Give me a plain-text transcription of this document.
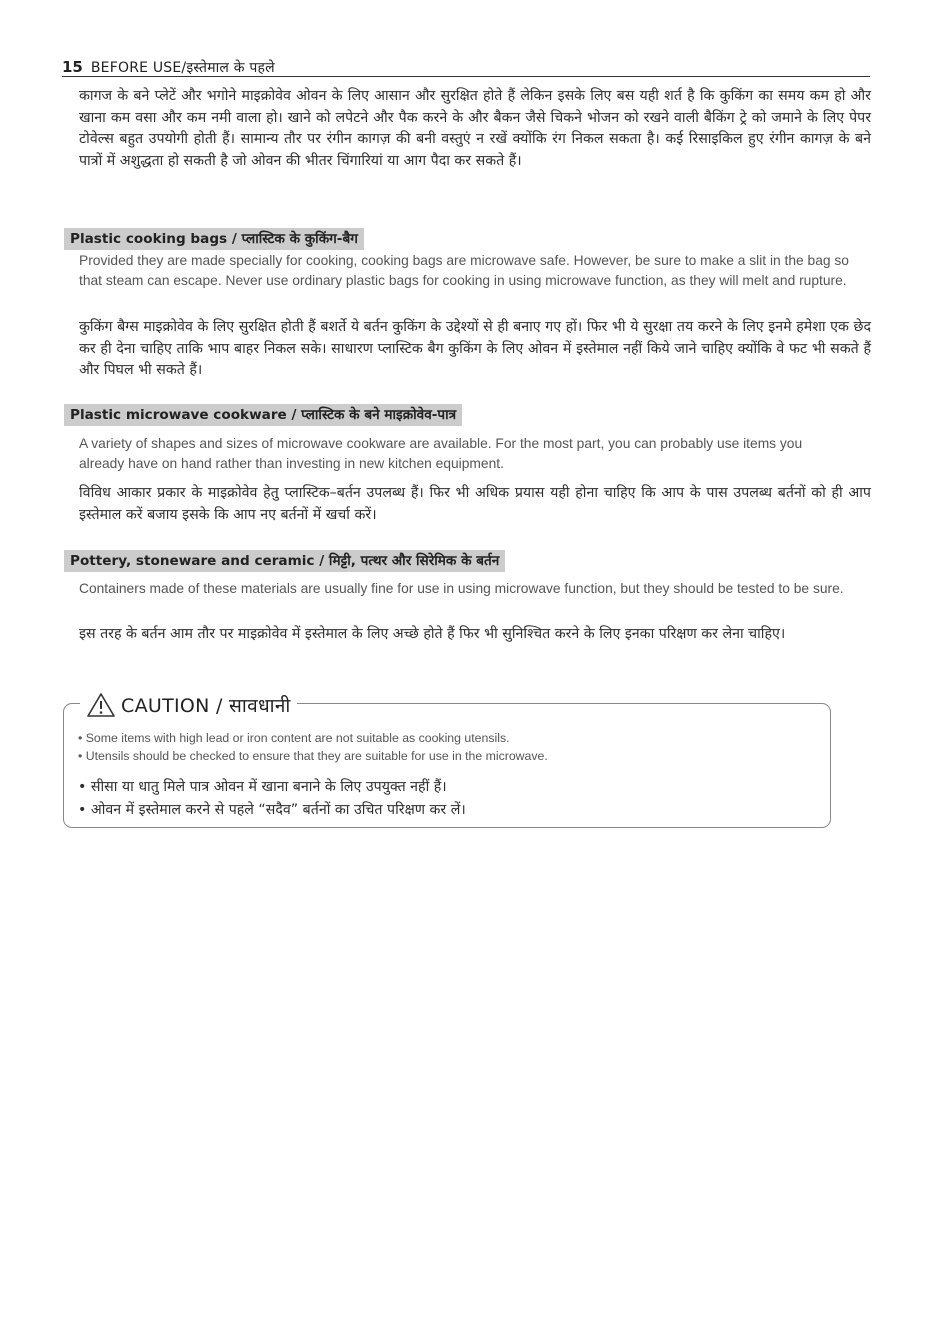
15 BEFORE USE/इस्तेमाल के पहले

कागज के बने प्लेटें और भगोने माइक्रोवेव ओवन के लिए आसान और सुरक्षित होते हैं लेकिन इसके लिए बस यही शर्त है कि कुकिंग का समय कम हो और खाना कम वसा और कम नमी वाला हो। खाने को लपेटने और पैक करने के और बैकन जैसे चिकने भोजन को रखने वाली बैकिंग ट्रे को जमाने के लिए पेपर टोवेल्स बहुत उपयोगी होती हैं। सामान्य तौर पर रंगीन कागज़ की बनी वस्तुएं न रखें क्योंकि रंग निकल सकता है। कई रिसाइकिल हुए रंगीन कागज़ के बने पात्रों में अशुद्धता हो सकती है जो ओवन की भीतर चिंगारियां या आग पैदा कर सकते हैं।

Plastic cooking bags / प्लास्टिक के कुकिंग-बैग

Provided they are made specially for cooking, cooking bags are microwave safe. However, be sure to make a slit in the bag so that steam can escape. Never use ordinary plastic bags for cooking in using microwave function, as they will melt and rupture.

कुकिंग बैग्स माइक्रोवेव के लिए सुरक्षित होती हैं बशर्ते ये बर्तन कुकिंग के उद्देश्यों से ही बनाए गए हों। फिर भी ये सुरक्षा तय करने के लिए इनमे हमेशा एक छेद कर ही देना चाहिए ताकि भाप बाहर निकल सके। साधारण प्लास्टिक बैग कुकिंग के लिए ओवन में इस्तेमाल नहीं किये जाने चाहिए क्योंकि वे फट भी सकते हैं और पिघल भी सकते हैं।

Plastic microwave cookware / प्लास्टिक के बने माइक्रोवेव-पात्र

A variety of shapes and sizes of microwave cookware are available. For the most part, you can probably use items you already have on hand rather than investing in new kitchen equipment.

विविध आकार प्रकार के माइक्रोवेव हेतु प्लास्टिक–बर्तन उपलब्ध हैं। फिर भी अधिक प्रयास यही होना चाहिए कि आप के पास उपलब्ध बर्तनों को ही आप इस्तेमाल करें बजाय इसके कि आप नए बर्तनों में खर्चा करें।

Pottery, stoneware and ceramic / मिट्टी, पत्थर और सिरेमिक के बर्तन

Containers made of these materials are usually fine for use in using microwave function, but they should be tested to be sure.

इस तरह के बर्तन आम तौर पर माइक्रोवेव में इस्तेमाल के लिए अच्छे होते हैं फिर भी सुनिश्चित करने के लिए इनका परिक्षण कर लेना चाहिए।

CAUTION / सावधानी
• Some items with high lead or iron content are not suitable as cooking utensils.
• Utensils should be checked to ensure that they are suitable for use in the microwave.
• सीसा या धातु मिले पात्र ओवन में खाना बनाने के लिए उपयुक्त नहीं हैं।
• ओवन में इस्तेमाल करने से पहले “सदैव” बर्तनों का उचित परिक्षण कर लें।
